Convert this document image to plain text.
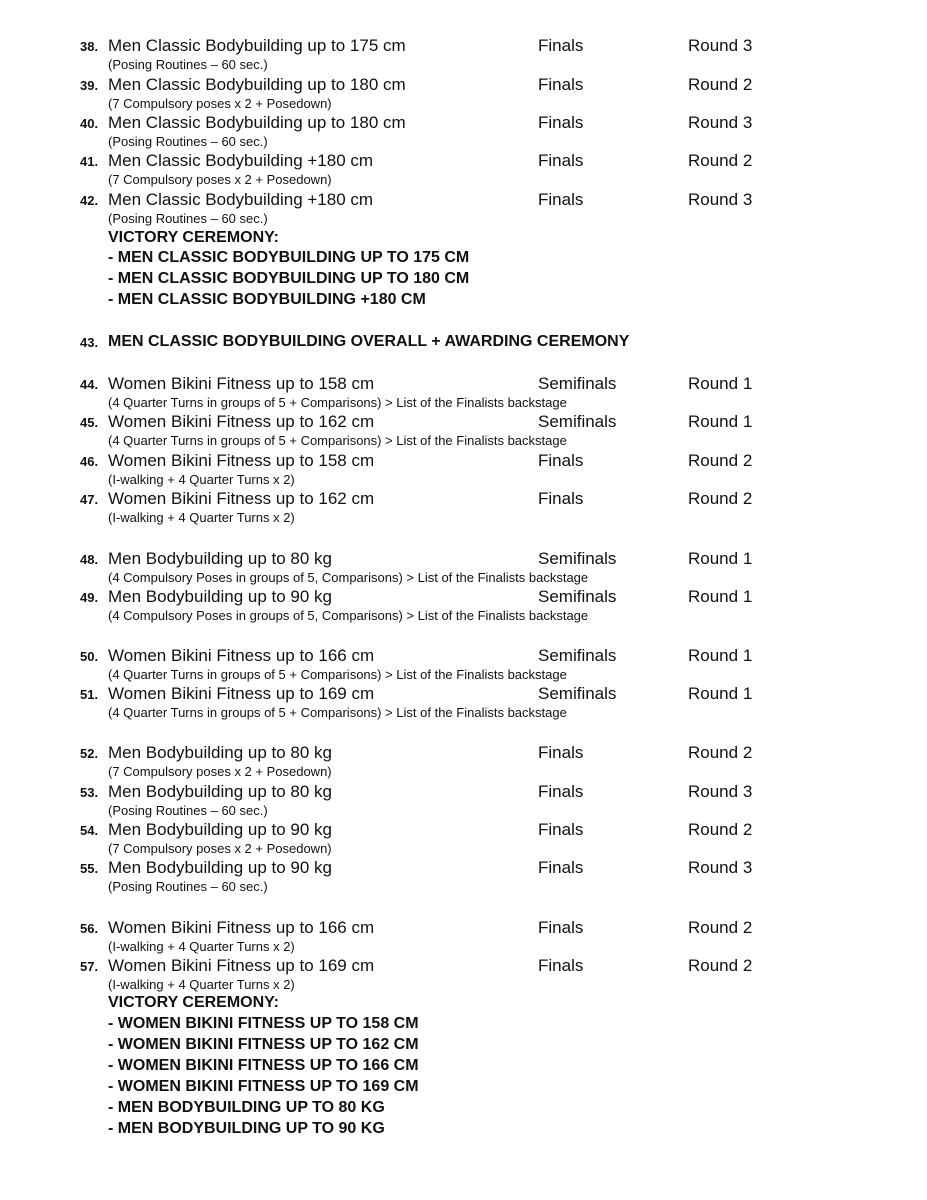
38. Men Classic Bodybuilding up to 175 cm	Finals	Round 3
(Posing Routines – 60 sec.)
39. Men Classic Bodybuilding up to 180 cm	Finals	Round 2
(7 Compulsory poses x 2 + Posedown)
40. Men Classic Bodybuilding up to 180 cm	Finals	Round 3
(Posing Routines – 60 sec.)
41. Men Classic Bodybuilding +180 cm	Finals	Round 2
(7 Compulsory poses x 2 + Posedown)
42. Men Classic Bodybuilding +180 cm	Finals	Round 3
(Posing Routines – 60 sec.)
VICTORY CEREMONY:
- MEN CLASSIC BODYBUILDING UP TO 175 CM
- MEN CLASSIC BODYBUILDING UP TO 180 CM
- MEN CLASSIC BODYBUILDING +180 CM
43. MEN CLASSIC BODYBUILDING OVERALL + AWARDING CEREMONY
44. Women Bikini Fitness up to 158 cm	Semifinals	Round 1
(4 Quarter Turns in groups of 5 + Comparisons) > List of the Finalists backstage
45. Women Bikini Fitness up to 162 cm	Semifinals	Round 1
(4 Quarter Turns in groups of 5 + Comparisons) > List of the Finalists backstage
46. Women Bikini Fitness up to 158 cm	Finals	Round 2
(I-walking + 4 Quarter Turns x 2)
47. Women Bikini Fitness up to 162 cm	Finals	Round 2
(I-walking + 4 Quarter Turns x 2)
48. Men Bodybuilding up to 80 kg	Semifinals	Round 1
(4 Compulsory Poses in groups of 5, Comparisons) > List of the Finalists backstage
49. Men Bodybuilding up to 90 kg	Semifinals	Round 1
(4 Compulsory Poses in groups of 5, Comparisons) > List of the Finalists backstage
50. Women Bikini Fitness up to 166 cm	Semifinals	Round 1
(4 Quarter Turns in groups of 5 + Comparisons) > List of the Finalists backstage
51. Women Bikini Fitness up to 169 cm	Semifinals	Round 1
(4 Quarter Turns in groups of 5 + Comparisons) > List of the Finalists backstage
52. Men Bodybuilding up to 80 kg	Finals	Round 2
(7 Compulsory poses x 2 + Posedown)
53. Men Bodybuilding up to 80 kg	Finals	Round 3
(Posing Routines – 60 sec.)
54. Men Bodybuilding up to 90 kg	Finals	Round 2
(7 Compulsory poses x 2 + Posedown)
55. Men Bodybuilding up to 90 kg	Finals	Round 3
(Posing Routines – 60 sec.)
56. Women Bikini Fitness up to 166 cm	Finals	Round 2
(I-walking + 4 Quarter Turns x 2)
57. Women Bikini Fitness up to 169 cm	Finals	Round 2
(I-walking + 4 Quarter Turns x 2)
VICTORY CEREMONY:
- WOMEN BIKINI FITNESS UP TO 158 CM
- WOMEN BIKINI FITNESS UP TO 162 CM
- WOMEN BIKINI FITNESS UP TO 166 CM
- WOMEN BIKINI FITNESS UP TO 169 CM
- MEN BODYBUILDING UP TO 80 KG
- MEN BODYBUILDING UP TO 90 KG
